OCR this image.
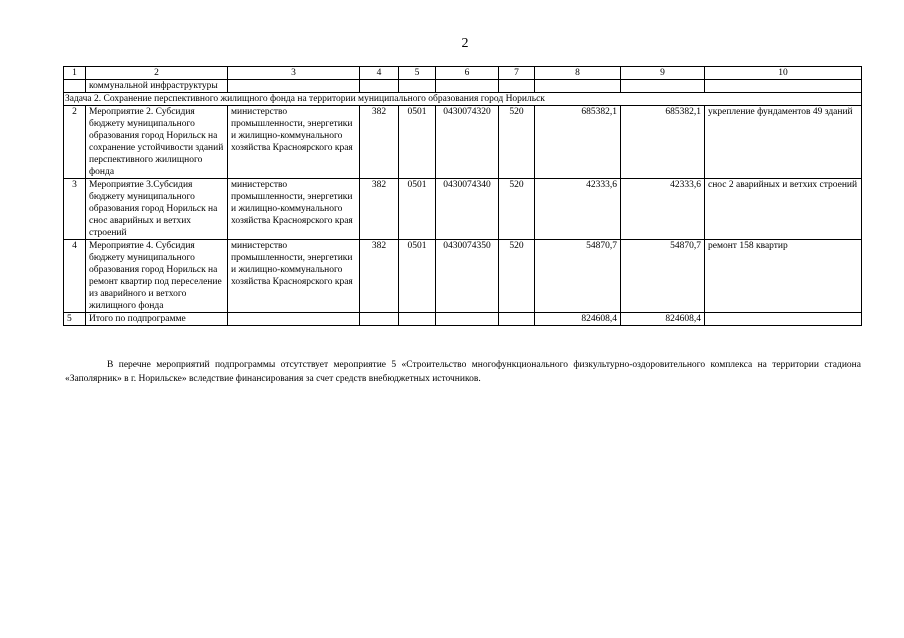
2
1	2	3	4	5	6	7	8	9	10
	коммунальной инфраструктуры								
Задача 2. Сохранение перспективного жилищного фонда на территории муниципального образования город Норильск									
2	Мероприятие 2. Субсидия бюджету муниципального образования город Норильск на сохранение устойчивости зданий перспективного жилищного фонда	министерство промышленности, энергетики и жилищно-коммунального хозяйства Красноярского края	382	0501	0430074320	520	685382,1	685382,1	укрепление фундаментов 49 зданий
3	Мероприятие 3.Субсидия бюджету муниципального образования город Норильск на снос аварийных и ветхих строений	министерство промышленности, энергетики и жилищно-коммунального хозяйства Красноярского края	382	0501	0430074340	520	42333,6	42333,6	снос 2 аварийных и ветхих строений
4	Мероприятие 4. Субсидия бюджету муниципального образования город Норильск на ремонт квартир под переселение из аварийного и ветхого жилищного фонда	министерство промышленности, энергетики и жилищно-коммунального хозяйства Красноярского края	382	0501	0430074350	520	54870,7	54870,7	ремонт 158 квартир
5	Итого по подпрограмме						824608,4	824608,4	

В перечне мероприятий подпрограммы отсутствует мероприятие 5 «Строительство многофункционального физкультурно-оздоровительного комплекса на территории стадиона «Заполярник» в г. Норильске» вследствие финансирования за счет средств внебюджетных источников.
